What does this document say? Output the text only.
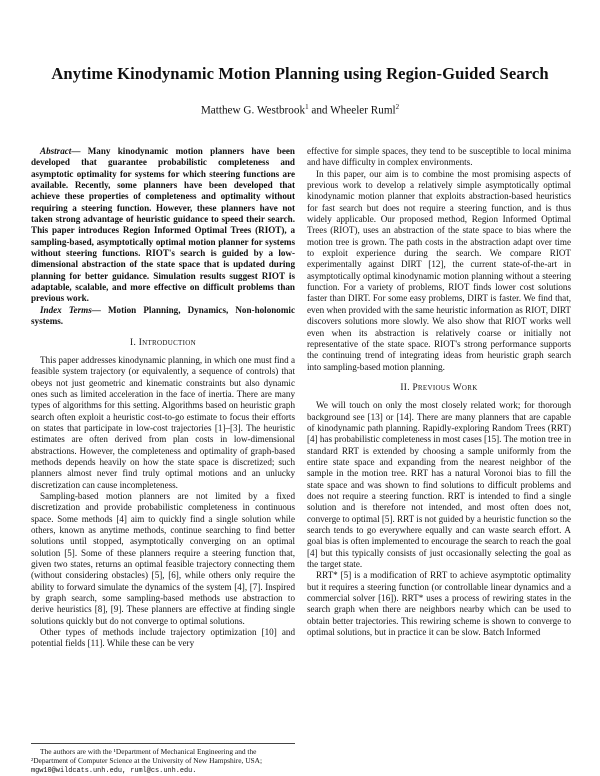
Anytime Kinodynamic Motion Planning using Region-Guided Search
Matthew G. Westbrook$^1$ and Wheeler Ruml$^2$

Abstract— Many kinodynamic motion planners have been developed that guarantee probabilistic completeness and asymptotic optimality for systems for which steering functions are available. Recently, some planners have been developed that achieve these properties of completeness and optimality without requiring a steering function. However, these planners have not taken strong advantage of heuristic guidance to speed their search. This paper introduces Region Informed Optimal Trees (RIOT), a sampling-based, asymptotically optimal motion planner for systems without steering functions. RIOT's search is guided by a low-dimensional abstraction of the state space that is updated during planning for better guidance. Simulation results suggest RIOT is adaptable, scalable, and more effective on difficult problems than previous work.

Index Terms— Motion Planning, Dynamics, Non-holonomic systems.

I. Introduction

This paper addresses kinodynamic planning, in which one must find a feasible system trajectory (or equivalently, a sequence of controls) that obeys not just geometric and kinematic constraints but also dynamic ones such as limited acceleration in the face of inertia. There are many types of algorithms for this setting. Algorithms based on heuristic graph search often exploit a heuristic cost-to-go estimate to focus their efforts on states that participate in low-cost trajectories [1]–[3]. The heuristic estimates are often derived from plan costs in low-dimensional abstractions. However, the completeness and optimality of graph-based methods depends heavily on how the state space is discretized; such planners almost never find truly optimal motions and an unlucky discretization can cause incompleteness.

Sampling-based motion planners are not limited by a fixed discretization and provide probabilistic completeness in continuous space. Some methods [4] aim to quickly find a single solution while others, known as anytime methods, continue searching to find better solutions until stopped, asymptotically converging on an optimal solution [5]. Some of these planners require a steering function that, given two states, returns an optimal feasible trajectory connecting them (without considering obstacles) [5], [6], while others only require the ability to forward simulate the dynamics of the system [4], [7]. Inspired by graph search, some sampling-based methods use abstraction to derive heuristics [8], [9]. These planners are effective at finding single solutions quickly but do not converge to optimal solutions.

Other types of methods include trajectory optimization [10] and potential fields [11]. While these can be very

effective for simple spaces, they tend to be susceptible to local minima and have difficulty in complex environments.

In this paper, our aim is to combine the most promising aspects of previous work to develop a relatively simple asymptotically optimal kinodynamic motion planner that exploits abstraction-based heuristics for fast search but does not require a steering function, and is thus widely applicable. Our proposed method, Region Informed Optimal Trees (RIOT), uses an abstraction of the state space to bias where the motion tree is grown. The path costs in the abstraction adapt over time to exploit experience during the search. We compare RIOT experimentally against DIRT [12], the current state-of-the-art in asymptotically optimal kinodynamic motion planning without a steering function. For a variety of problems, RIOT finds lower cost solutions faster than DIRT. For some easy problems, DIRT is faster. We find that, even when provided with the same heuristic information as RIOT, DIRT discovers solutions more slowly. We also show that RIOT works well even when its abstraction is relatively coarse or initially not representative of the state space. RIOT's strong performance supports the continuing trend of integrating ideas from heuristic graph search into sampling-based motion planning.

II. Previous Work

We will touch on only the most closely related work; for thorough background see [13] or [14]. There are many planners that are capable of kinodynamic path planning. Rapidly-exploring Random Trees (RRT) [4] has probabilistic completeness in most cases [15]. The motion tree in standard RRT is extended by choosing a sample uniformly from the entire state space and expanding from the nearest neighbor of the sample in the motion tree. RRT has a natural Voronoi bias to fill the state space and was shown to find solutions to difficult problems and does not require a steering function. RRT is intended to find a single solution and is therefore not intended, and most often does not, converge to optimal [5]. RRT is not guided by a heuristic function so the search tends to go everywhere equally and can waste search effort. A goal bias is often implemented to encourage the search to reach the goal [4] but this typically consists of just occasionally selecting the goal as the target state.

RRT* [5] is a modification of RRT to achieve asymptotic optimality but it requires a steering function (or controllable linear dynamics and a commercial solver [16]). RRT* uses a process of rewiring states in the search graph when there are neighbors nearby which can be used to obtain better trajectories. This rewiring scheme is shown to converge to optimal solutions, but in practice it can be slow. Batch Informed

The authors are with the ¹Department of Mechanical Engineering and the ²Department of Computer Science at the University of New Hampshire, USA; mgw10@wildcats.unh.edu, ruml@cs.unh.edu.
